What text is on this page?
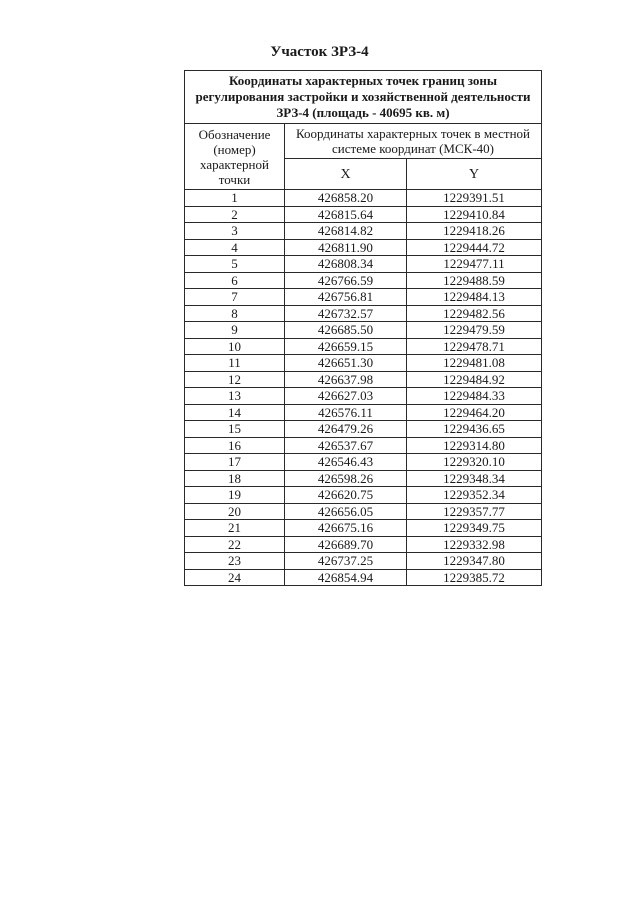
Участок ЗРЗ-4
Координаты характерных точек границ зоны регулирования застройки и хозяйственной деятельности ЗРЗ-4 (площадь - 40695 кв. м)		
Обозначение (номер) характерной точки	Координаты характерных точек в местной системе координат (МСК-40)	
	X	Y
1	426858.20	1229391.51
2	426815.64	1229410.84
3	426814.82	1229418.26
4	426811.90	1229444.72
5	426808.34	1229477.11
6	426766.59	1229488.59
7	426756.81	1229484.13
8	426732.57	1229482.56
9	426685.50	1229479.59
10	426659.15	1229478.71
11	426651.30	1229481.08
12	426637.98	1229484.92
13	426627.03	1229484.33
14	426576.11	1229464.20
15	426479.26	1229436.65
16	426537.67	1229314.80
17	426546.43	1229320.10
18	426598.26	1229348.34
19	426620.75	1229352.34
20	426656.05	1229357.77
21	426675.16	1229349.75
22	426689.70	1229332.98
23	426737.25	1229347.80
24	426854.94	1229385.72
